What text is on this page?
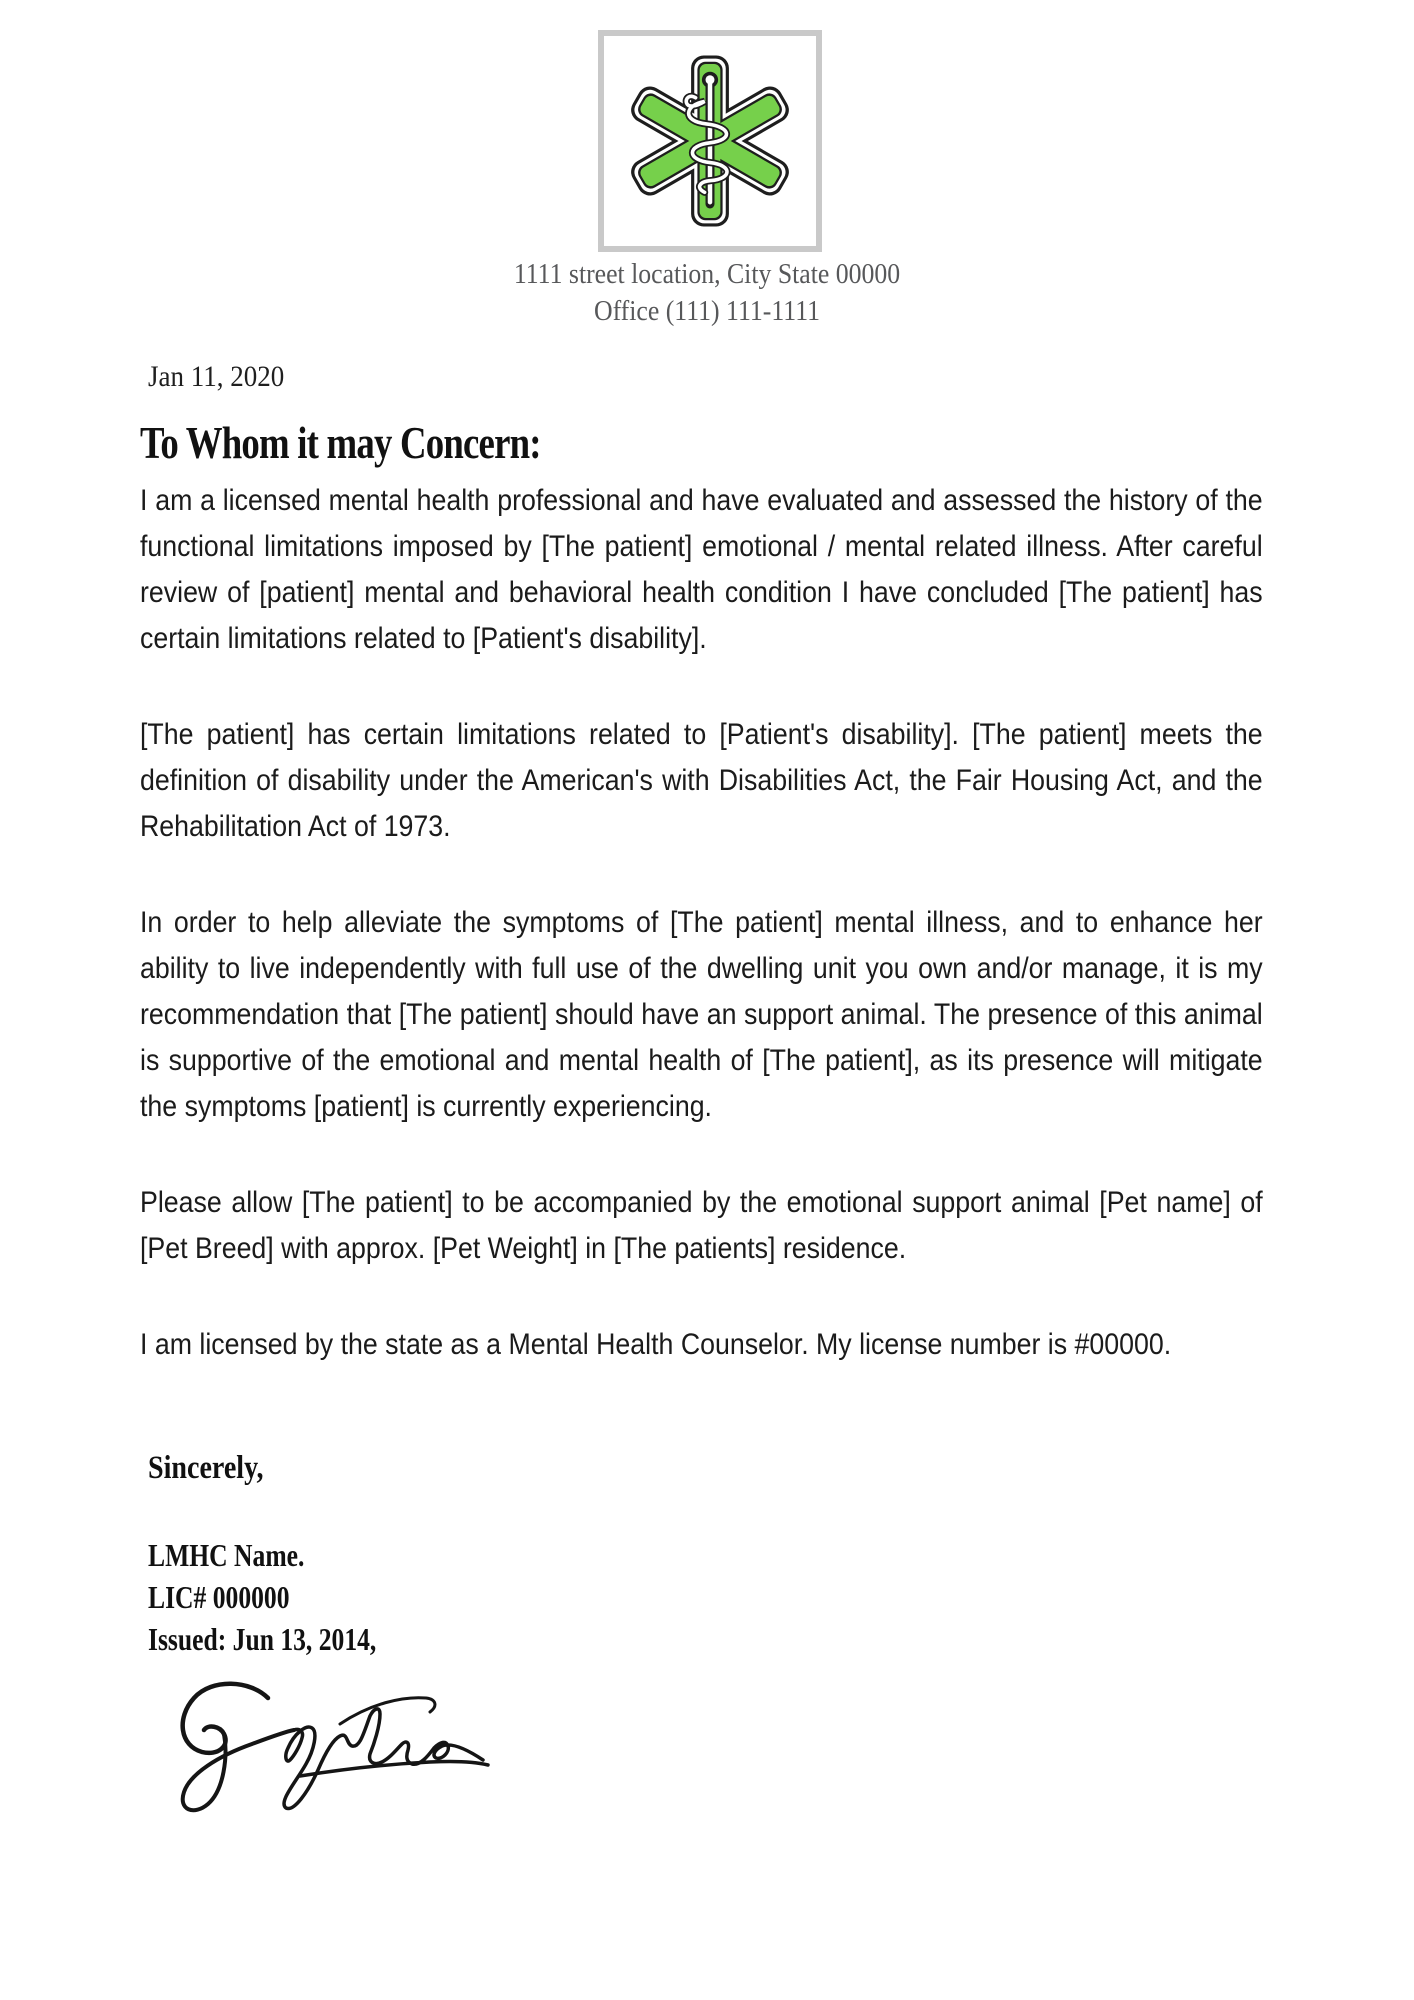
1111 street location, City State 00000
Office (111) 111-1111
Jan 11, 2020
To Whom it may Concern:

I am a licensed mental health professional and have evaluated and assessed the history of the functional limitations imposed by [The patient] emotional / mental related illness. After careful review of [patient] mental and behavioral health condition I have concluded [The patient] has certain limitations related to [Patient's disability].

[The patient] has certain limitations related to [Patient's disability]. [The patient] meets the definition of disability under the American's with Disabilities Act, the Fair Housing Act, and the Rehabilitation Act of 1973.

In order to help alleviate the symptoms of [The patient] mental illness, and to enhance her ability to live independently with full use of the dwelling unit you own and/or manage, it is my recommendation that [The patient] should have an support animal. The presence of this animal is supportive of the emotional and mental health of [The patient], as its presence will mitigate the symptoms [patient] is currently experiencing.

Please allow [The patient] to be accompanied by the emotional support animal [Pet name] of [Pet Breed] with approx. [Pet Weight] in [The patients] residence.

I am licensed by the state as a Mental Health Counselor. My license number is #00000.

Sincerely,
LMHC Name.
LIC# 000000
Issued: Jun 13, 2014,
